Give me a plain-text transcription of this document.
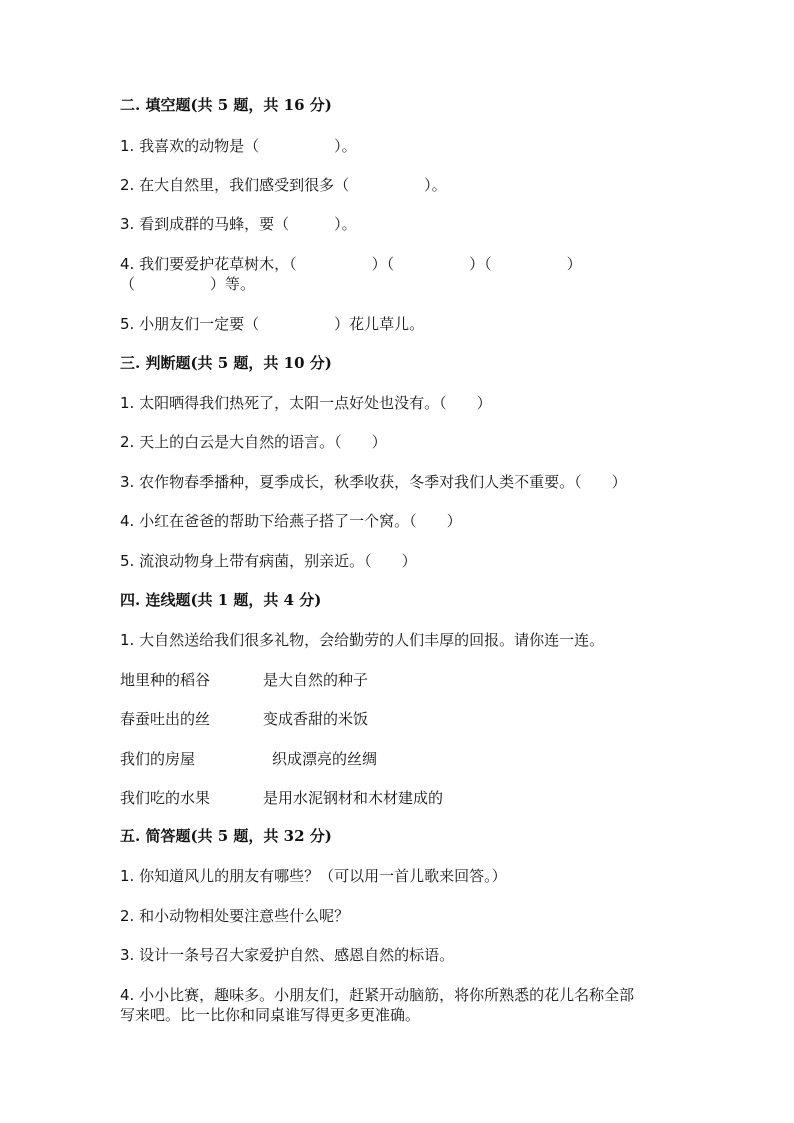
二. 填空题(共 5 题，共 16 分)
1. 我喜欢的动物是（　　　　　）。
2. 在大自然里，我们感受到很多（　　　　　）。
3. 看到成群的马蜂，要（　　　）。
4. 我们要爱护花草树木，（　　　　　）（　　　　　）（　　　　　）
（　　　　　）等。
5. 小朋友们一定要（　　　　　）花儿草儿。
三. 判断题(共 5 题，共 10 分)
1. 太阳晒得我们热死了，太阳一点好处也没有。（　　）
2. 天上的白云是大自然的语言。（　　）
3. 农作物春季播种，夏季成长，秋季收获，冬季对我们人类不重要。（　　）
4. 小红在爸爸的帮助下给燕子搭了一个窝。（　　）
5. 流浪动物身上带有病菌，别亲近。（　　）
四. 连线题(共 1 题，共 4 分)
1. 大自然送给我们很多礼物，会给勤劳的人们丰厚的回报。请你连一连。
地里种的稻谷	是大自然的种子
春蚕吐出的丝	变成香甜的米饭
我们的房屋	织成漂亮的丝绸
我们吃的水果	是用水泥钢材和木材建成的
五. 简答题(共 5 题，共 32 分)
1. 你知道风儿的朋友有哪些？（可以用一首儿歌来回答。）
2. 和小动物相处要注意些什么呢？
3. 设计一条号召大家爱护自然、感恩自然的标语。
4. 小小比赛，趣味多。小朋友们，赶紧开动脑筋，将你所熟悉的花儿名称全部
写来吧。比一比你和同桌谁写得更多更准确。
